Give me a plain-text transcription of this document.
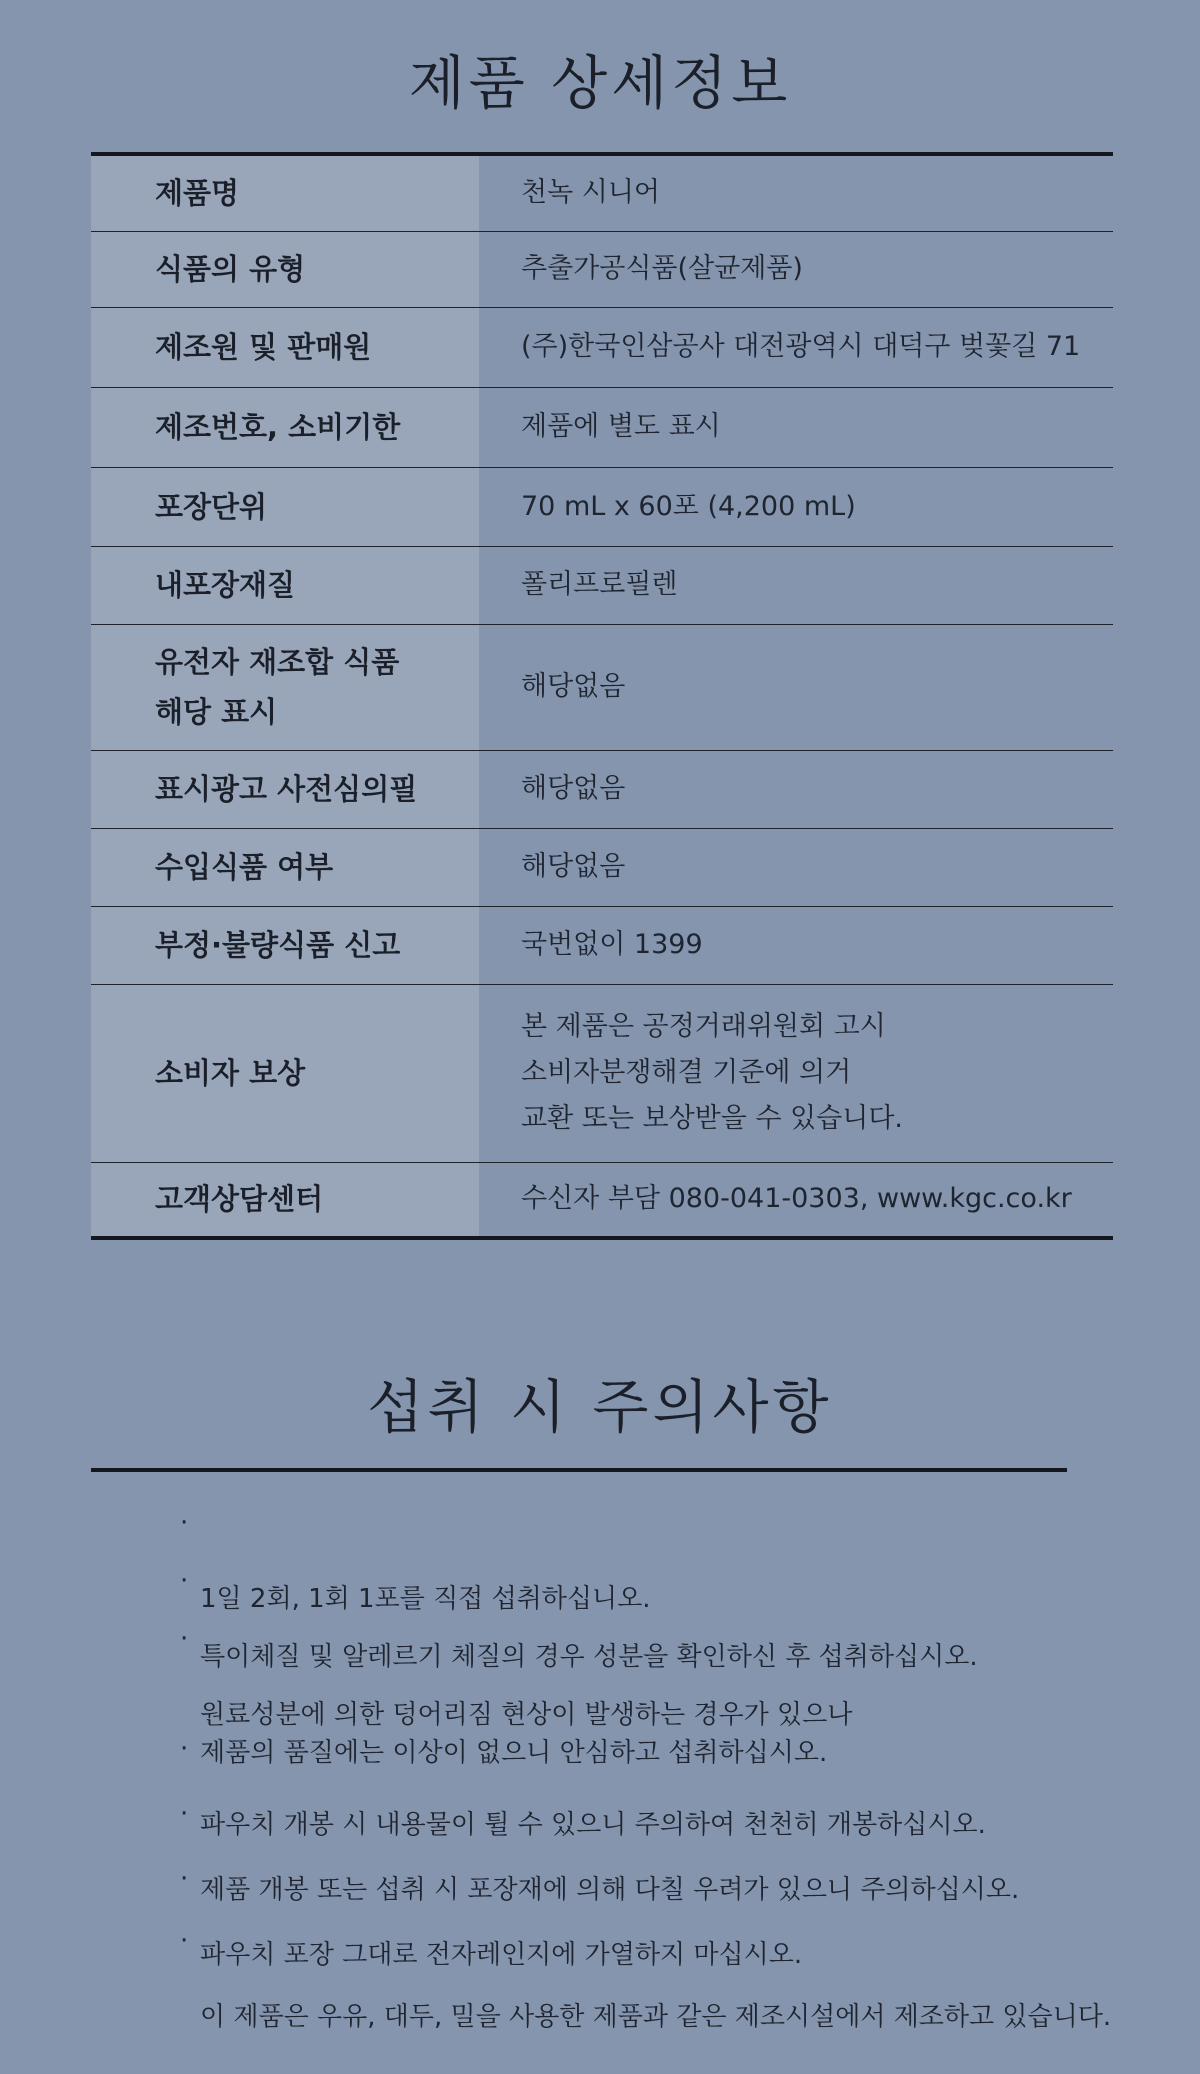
제품 상세정보
제품명	천녹 시니어
식품의 유형	추출가공식품(살균제품)
제조원 및 판매원	(주)한국인삼공사 대전광역시 대덕구 벚꽃길 71
제조번호, 소비기한	제품에 별도 표시
포장단위	70 mL x 60포 (4,200 mL)
내포장재질	폴리프로필렌
유전자 재조합 식품
해당 표시	해당없음
표시광고 사전심의필	해당없음
수입식품 여부	해당없음
부정·불량식품 신고	국번없이 1399
소비자 보상	본 제품은 공정거래위원회 고시
소비자분쟁해결 기준에 의거
교환 또는 보상받을 수 있습니다.
고객상담센터	수신자 부담 080-041-0303, www.kgc.co.kr
섭취 시 주의사항

·

1일 2회, 1회 1포를 직접 섭취하십니오.

·

특이체질 및 알레르기 체질의 경우 성분을 확인하신 후 섭취하십시오.

·

원료성분에 의한 덩어리짐 현상이 발생하는 경우가 있으나
제품의 품질에는 이상이 없으니 안심하고 섭취하십시오.

·

파우치 개봉 시 내용물이 튈 수 있으니 주의하여 천천히 개봉하십시오.

·

제품 개봉 또는 섭취 시 포장재에 의해 다칠 우려가 있으니 주의하십시오.

·

파우치 포장 그대로 전자레인지에 가열하지 마십시오.

·

이 제품은 우유, 대두, 밀을 사용한 제품과 같은 제조시설에서 제조하고 있습니다.
